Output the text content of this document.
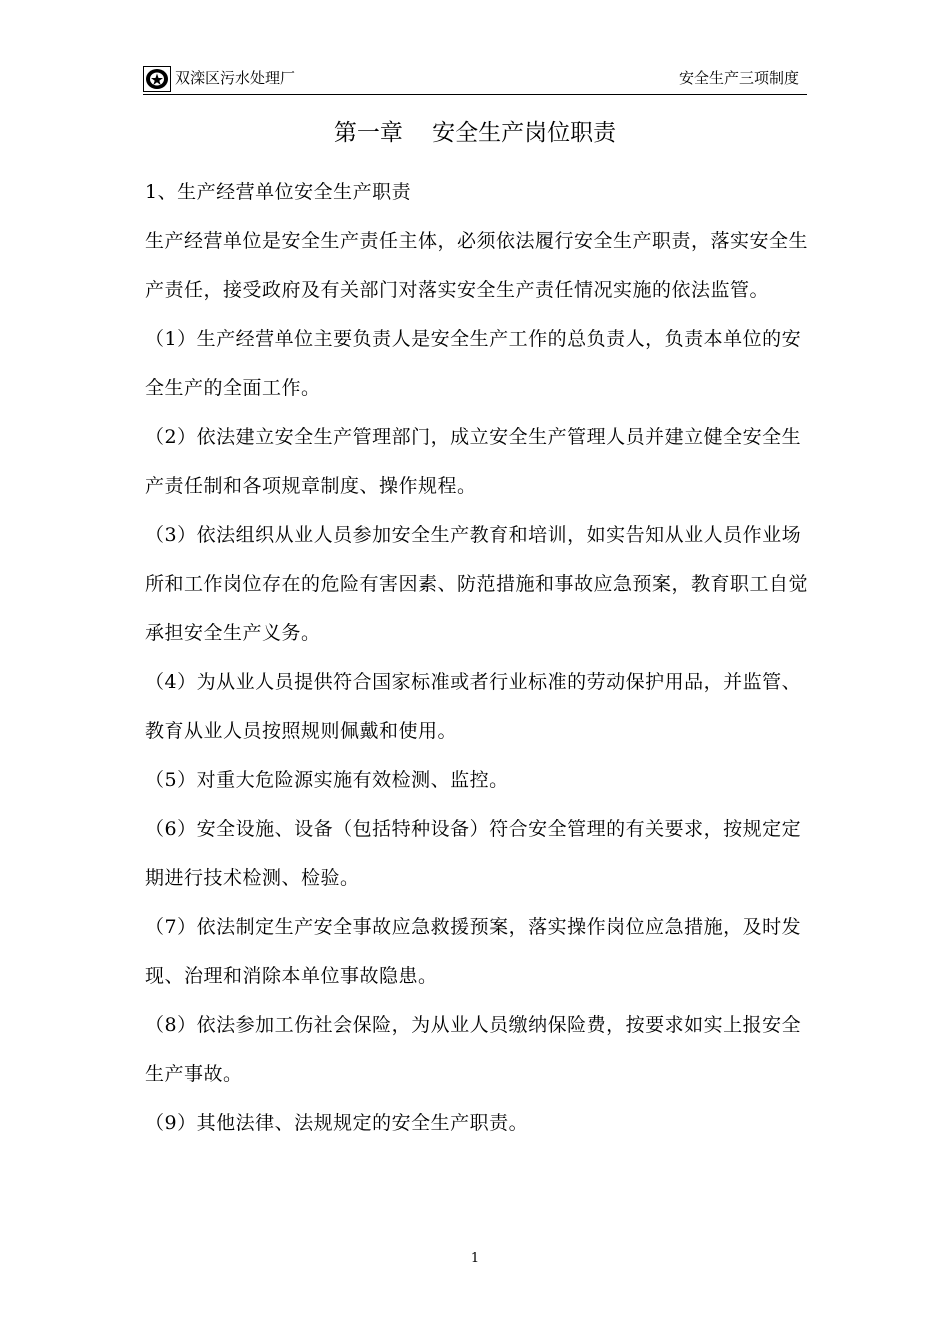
双滦区污水处理厂	安全生产三项制度
第一章    安全生产岗位职责

1、生产经营单位安全生产职责

生产经营单位是安全生产责任主体，必须依法履行安全生产职责，落实安全生产责任，接受政府及有关部门对落实安全生产责任情况实施的依法监管。

（1）生产经营单位主要负责人是安全生产工作的总负责人，负责本单位的安全生产的全面工作。

（2）依法建立安全生产管理部门，成立安全生产管理人员并建立健全安全生产责任制和各项规章制度、操作规程。

（3）依法组织从业人员参加安全生产教育和培训，如实告知从业人员作业场所和工作岗位存在的危险有害因素、防范措施和事故应急预案，教育职工自觉承担安全生产义务。

（4）为从业人员提供符合国家标准或者行业标准的劳动保护用品，并监管、教育从业人员按照规则佩戴和使用。

（5）对重大危险源实施有效检测、监控。

（6）安全设施、设备（包括特种设备）符合安全管理的有关要求，按规定定期进行技术检测、检验。

（7）依法制定生产安全事故应急救援预案，落实操作岗位应急措施，及时发现、治理和消除本单位事故隐患。

（8）依法参加工伤社会保险，为从业人员缴纳保险费，按要求如实上报安全生产事故。

（9）其他法律、法规规定的安全生产职责。

1
